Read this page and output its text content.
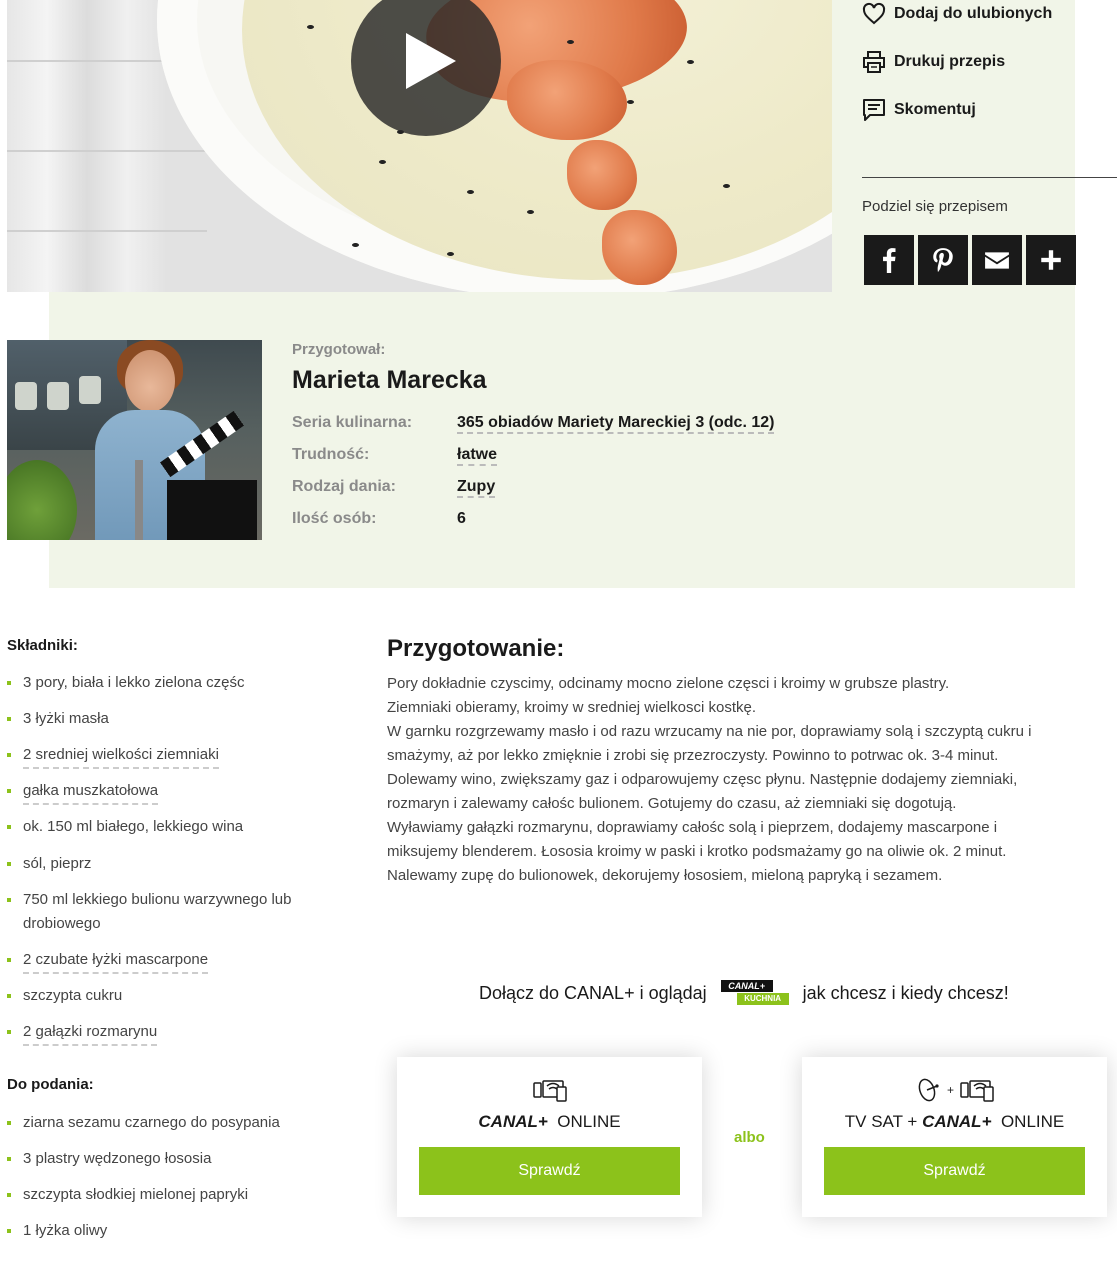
Dodaj do ulubionych
Drukuj przepis
Skomentuj
Podziel się przepisem
Przygotował:
Marieta Marecka
Seria kulinarna:	365 obiadów Mariety Mareckiej 3 (odc. 12)
Trudność:	łatwe
Rodzaj dania:	Zupy
Ilość osób:	6
Składniki:
3 pory, biała i lekko zielona częśc
3 łyżki masła
2 sredniej wielkości ziemniaki
gałka muszkatołowa
ok. 150 ml białego, lekkiego wina
sól, pieprz
750 ml lekkiego bulionu warzywnego lub drobiowego
2 czubate łyżki mascarpone
szczypta cukru
2 gałązki rozmarynu
Do podania:
ziarna sezamu czarnego do posypania
3 plastry wędzonego łososia
szczypta słodkiej mielonej papryki
1 łyżka oliwy
Przygotowanie:
Pory dokładnie czyscimy, odcinamy mocno zielone częsci i kroimy w grubsze plastry.
Ziemniaki obieramy, kroimy w sredniej wielkosci kostkę.
W garnku rozgrzewamy masło i od razu wrzucamy na nie por, doprawiamy solą i szczyptą cukru i
smażymy, aż por lekko zmięknie i zrobi się przezroczysty. Powinno to potrwac ok. 3-4 minut.
Dolewamy wino, zwiększamy gaz i odparowujemy częsc płynu. Następnie dodajemy ziemniaki,
rozmaryn i zalewamy całośc bulionem. Gotujemy do czasu, aż ziemniaki się dogotują.
Wyławiamy gałązki rozmarynu, doprawiamy całośc solą i pieprzem, dodajemy mascarpone i
miksujemy blenderem. Łososia kroimy w paski i krotko podsmażamy go na oliwie ok. 2 minut.
Nalewamy zupę do bulionowek, dekorujemy łososiem, mieloną papryką i sezamem.
Dołącz do CANAL+ i oglądaj	CANAL+
KUCHNIA	jak chcesz i kiedy chcesz!
CANAL+ ONLINE
Sprawdź
albo
+
TV SAT + CANAL+ ONLINE
Sprawdź
